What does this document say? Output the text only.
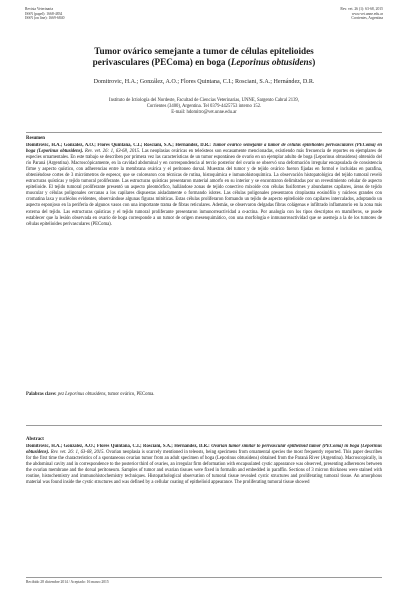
Revista Veterinaria
ISSN (papel): 1668-4834
ISSN (on line): 1669-6840
Rev. vet. 26 (1): 63-68, 2015
www.vet.unne.edu.ar
Corrientes, Argentina
Tumor ovárico semejante a tumor de células epitelioides
perivasculares (PEComa) en boga (Leporinus obtusidens)
Domitrovic, H.A.; González, A.O.; Flores Quintana, C.I.; Rosciani, S.A.; Hernández, D.R.
Instituto de Ictiología del Nordeste, Facultad de Ciencias Veterinarias, UNNE, Sargento Cabral 2139,
Corrientes (3400), Argentina. Tel 0379-4425753 interno 152.
E-mail: hdomitro@vet.unne.edu.ar
Resumen
Domitrovic, H.A.; González, A.O.; Flores Quintana, C.I.; Rosciani, S.A.; Hernández, D.R.: Tumor ovárico semejante a tumor de células epitelioides perivasculares (PEComa) en boga (Leporinus obtusidens). Rev. vet. 26: 1, 63-68, 2015. Las neoplasias ováricas en teleósteos son escasamente mencionadas, existiendo más frecuencia de reportes en ejemplares de especies ornamentales. En este trabajo se describen por primera vez las características de un tumor espontáneo de ovario en un ejemplar adulto de boga (Leporinus obtusidens) obtenido del río Paraná (Argentina). Macroscópicamente, en la cavidad abdominal y en correspondencia al tercio posterior del ovario se observó una deformación irregular encapsulada de consistencia firme y aspecto quístico, con adherencias entre la membrana ovárica y el peritoneo dorsal. Muestras del tumor y de tejido ovárico fueron fijadas en formol e incluidas en parafina, obteniéndose cortes de 3 micrómetros de espesor, que se colorearon con técnicas de rutina, histoquímica e inmunohistoquímica. La observación histopatológica del tejido tumoral reveló estructuras quísticas y tejido tumoral proliferante. Las estructuras quísticas presentaron material amorfo en su interior y se encontraron delimitadas por un revestimiento celular de aspecto epitelioide. El tejido tumoral proliferante presentó un aspecto pleomórfico, hallándose zonas de tejido conectivo mixoide con células fusiformes y abundantes capilares, áreas de tejido muscular y células poligonales cercanas a los capilares dispuestas aisladamente o formando islotes. Las células poligonales presentaron citoplasma eosinófilo y núcleos grandes con cromatina laxa y nucléolos evidentes, observándose algunas figuras mitóticas. Estas células proliferaron formando un tejido de aspecto epitelioide con capilares intercalados, adoptando un aspecto esponjoso en la periferia de algunos vasos con una importante trama de fibras reticulares. Además, se observaron delgadas fibras colágenas e infiltrado inflamatorio en la zona más externa del tejido. Las estructuras quísticas y el tejido tumoral proliferante presentaron inmunorreactividad a α-actina. Por analogía con los tipos descriptos en mamíferos, se puede establecer que la lesión observada en ovario de boga corresponde a un tumor de origen mesenquimático, con una morfología e inmunorreactividad que se asemeja a la de los tumores de células epitelioides perivasculares (PEComa).
Palabras clave: pez Leporinus obtusidens, tumor ovárico, PEComa.
Abstract
Domitrovic, H.A.; González, A.O.; Flores Quintana, C.I.; Rosciani, S.A.; Hernández, D.R.: Ovarian tumor similar to perivascular epithelioid tumor (PEComa) in boga (Leporinus obtusidens). Rev. vet. 26: 1, 63-68, 2015. Ovarian neoplasia is scarcely mentioned in teleosts, being specimens from ornamental species the most frequently reported. This paper describes for the first time the characteristics of a spontaneous ovarian tumor from an adult specimen of boga (Leporinus obtusidens) obtained from the Paraná River (Argentina). Macroscopically, in the abdominal cavity and in correspondence to the posterior third of ovaries, an irregular firm deformation with encapsulated cystic appearance was observed, presenting adherences between the ovarian membrane and the dorsal peritoneum. Samples of tumor and ovarian tissues were fixed in formalin and embedded in paraffin. Sections of 3 micron thickness were stained with routine, histochemistry and immunohistochemistry techniques. Histopathological observation of tumoral tissue revealed cystic structures and proliferating tumoral tissue. An amorphous material was found inside the cystic structures and was defined by a cellular coating of epithelioid appearance. The proliferating tumoral tissue showed
Recibido 28 diciembre 2014 / Aceptado: 16 marzo 2015
